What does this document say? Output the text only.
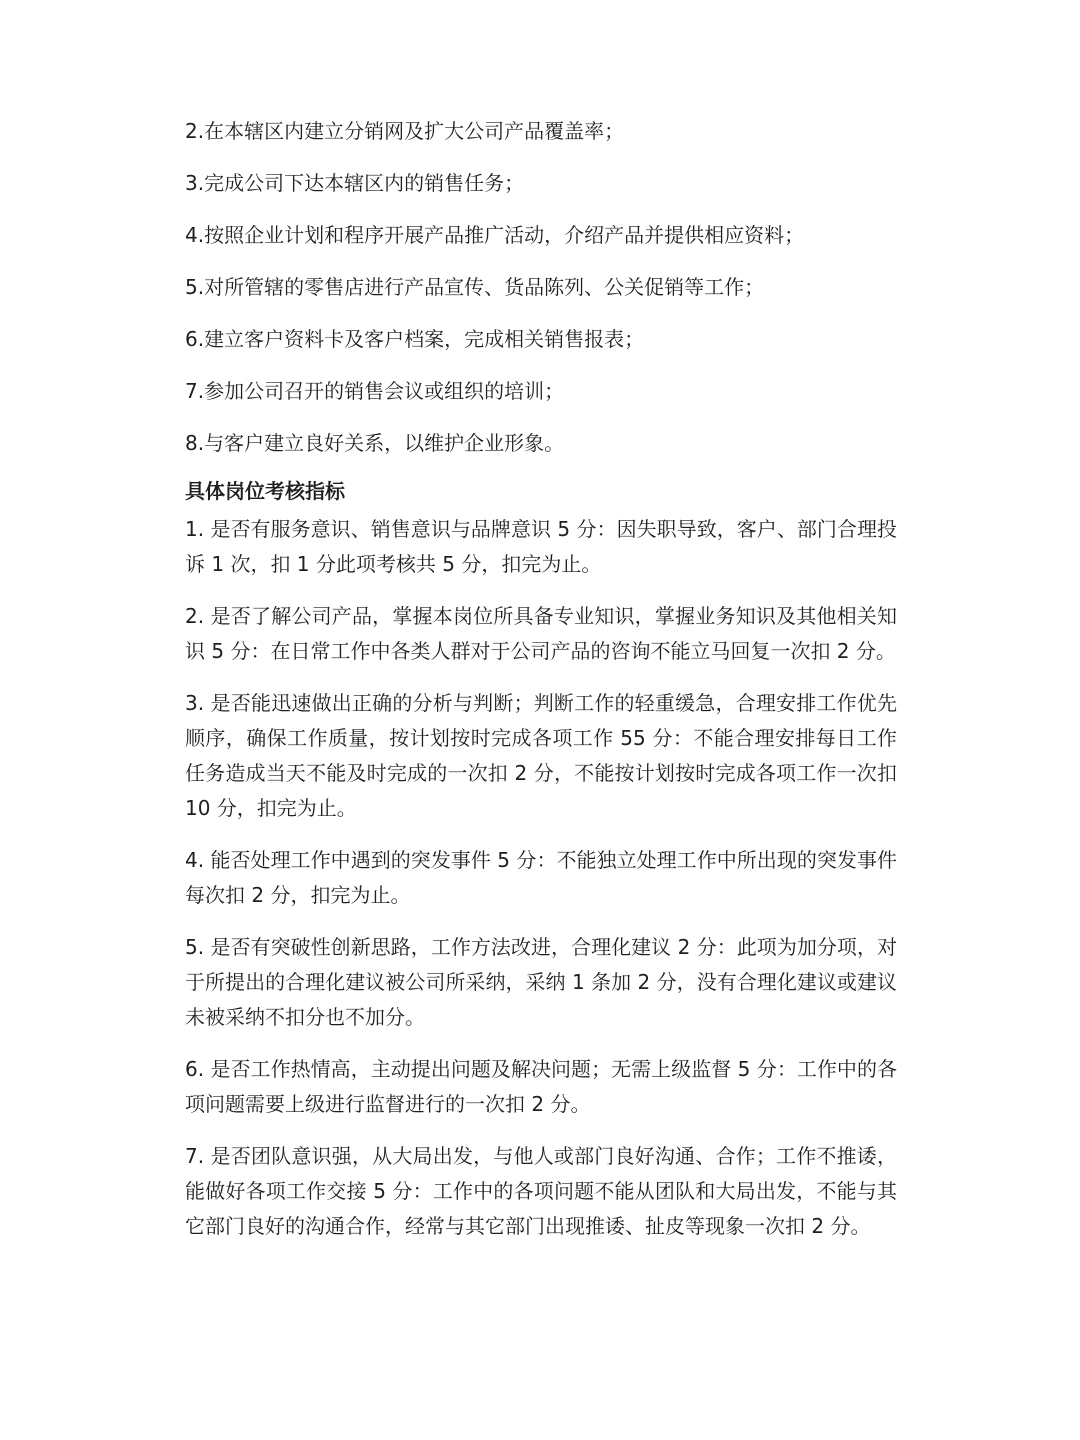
2.在本辖区内建立分销网及扩大公司产品覆盖率；
3.完成公司下达本辖区内的销售任务；
4.按照企业计划和程序开展产品推广活动，介绍产品并提供相应资料；
5.对所管辖的零售店进行产品宣传、货品陈列、公关促销等工作；
6.建立客户资料卡及客户档案，完成相关销售报表；
7.参加公司召开的销售会议或组织的培训；
8.与客户建立良好关系，以维护企业形象。
具体岗位考核指标
1. 是否有服务意识、销售意识与品牌意识 5 分：因失职导致，客户、部门合理投诉 1 次，扣 1 分此项考核共 5 分，扣完为止。
2. 是否了解公司产品，掌握本岗位所具备专业知识，掌握业务知识及其他相关知识 5 分：在日常工作中各类人群对于公司产品的咨询不能立马回复一次扣 2 分。
3. 是否能迅速做出正确的分析与判断；判断工作的轻重缓急，合理安排工作优先顺序，确保工作质量，按计划按时完成各项工作 55 分：不能合理安排每日工作任务造成当天不能及时完成的一次扣 2 分，不能按计划按时完成各项工作一次扣 10 分，扣完为止。
4. 能否处理工作中遇到的突发事件 5 分：不能独立处理工作中所出现的突发事件每次扣 2 分，扣完为止。
5. 是否有突破性创新思路，工作方法改进，合理化建议 2 分：此项为加分项，对于所提出的合理化建议被公司所采纳，采纳 1 条加 2 分，没有合理化建议或建议未被采纳不扣分也不加分。
6. 是否工作热情高，主动提出问题及解决问题；无需上级监督 5 分：工作中的各项问题需要上级进行监督进行的一次扣 2 分。
7. 是否团队意识强，从大局出发，与他人或部门良好沟通、合作；工作不推诿，能做好各项工作交接 5 分：工作中的各项问题不能从团队和大局出发，不能与其它部门良好的沟通合作，经常与其它部门出现推诿、扯皮等现象一次扣 2 分。
